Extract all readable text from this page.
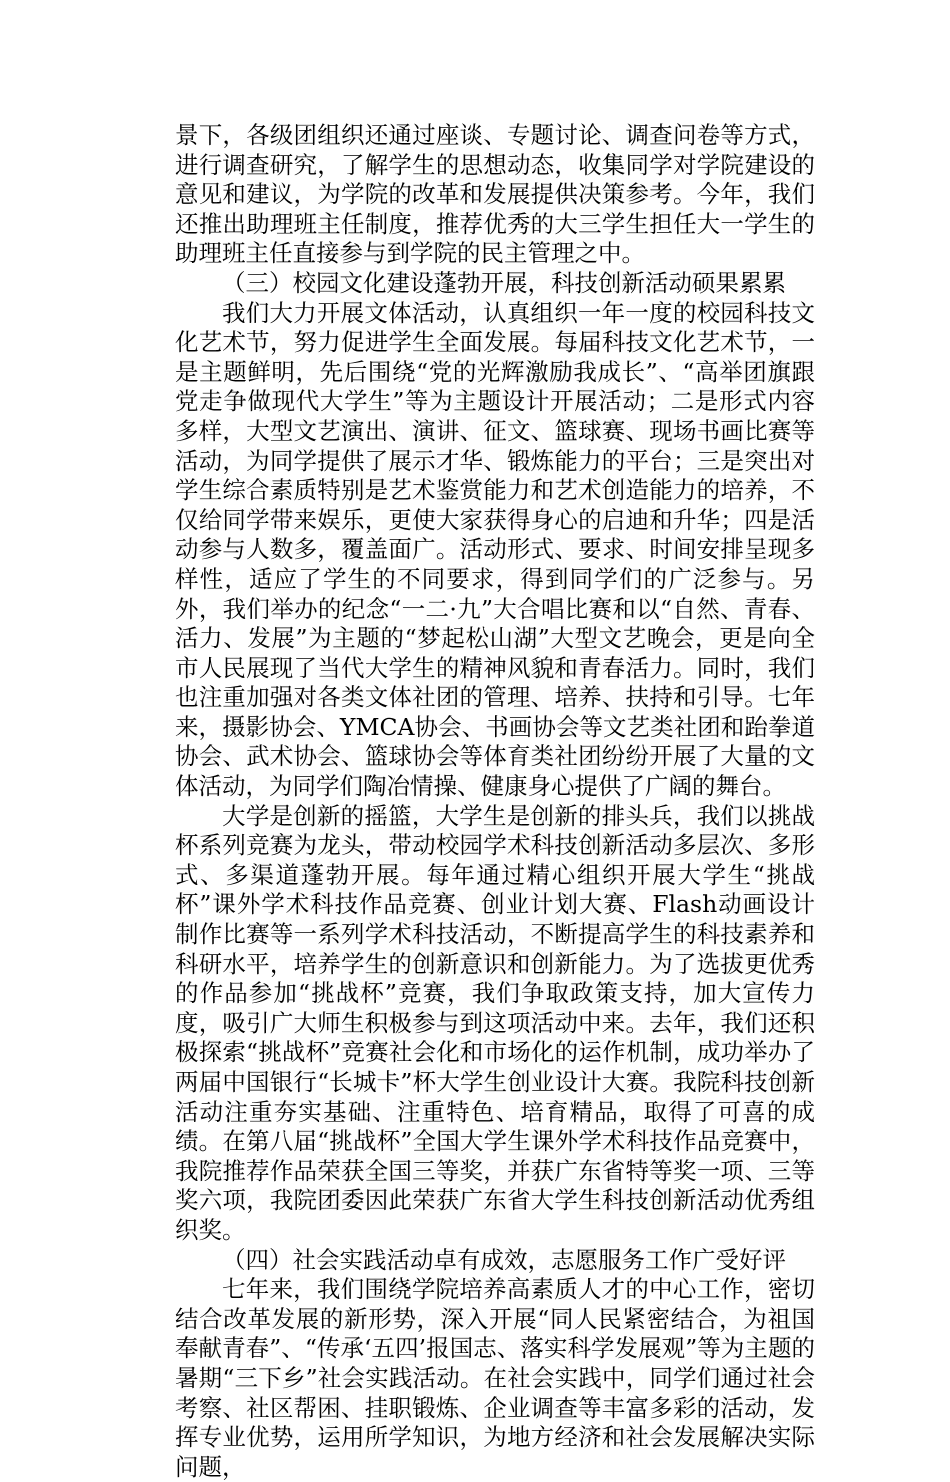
景下，各级团组织还通过座谈、专题讨论、调查问卷等方式，进行调查研究，了解学生的思想动态，收集同学对学院建设的意见和建议，为学院的改革和发展提供决策参考。今年，我们还推出助理班主任制度，推荐优秀的大三学生担任大一学生的助理班主任直接参与到学院的民主管理之中。

（三）校园文化建设蓬勃开展，科技创新活动硕果累累

我们大力开展文体活动，认真组织一年一度的校园科技文化艺术节，努力促进学生全面发展。每届科技文化艺术节，一是主题鲜明，先后围绕“党的光辉激励我成长”、“高举团旗跟党走争做现代大学生”等为主题设计开展活动；二是形式内容多样，大型文艺演出、演讲、征文、篮球赛、现场书画比赛等活动，为同学提供了展示才华、锻炼能力的平台；三是突出对学生综合素质特别是艺术鉴赏能力和艺术创造能力的培养，不仅给同学带来娱乐，更使大家获得身心的启迪和升华；四是活动参与人数多，覆盖面广。活动形式、要求、时间安排呈现多样性，适应了学生的不同要求，得到同学们的广泛参与。另外，我们举办的纪念“一二·九”大合唱比赛和以“自然、青春、活力、发展”为主题的“梦起松山湖”大型文艺晚会，更是向全市人民展现了当代大学生的精神风貌和青春活力。同时，我们也注重加强对各类文体社团的管理、培养、扶持和引导。七年来，摄影协会、YMCA协会、书画协会等文艺类社团和跆拳道协会、武术协会、篮球协会等体育类社团纷纷开展了大量的文体活动，为同学们陶冶情操、健康身心提供了广阔的舞台。

大学是创新的摇篮，大学生是创新的排头兵，我们以挑战杯系列竞赛为龙头，带动校园学术科技创新活动多层次、多形式、多渠道蓬勃开展。每年通过精心组织开展大学生“挑战杯”课外学术科技作品竞赛、创业计划大赛、Flash动画设计制作比赛等一系列学术科技活动，不断提高学生的科技素养和科研水平，培养学生的创新意识和创新能力。为了选拔更优秀的作品参加“挑战杯”竞赛，我们争取政策支持，加大宣传力度，吸引广大师生积极参与到这项活动中来。去年，我们还积极探索“挑战杯”竞赛社会化和市场化的运作机制，成功举办了两届中国银行“长城卡”杯大学生创业设计大赛。我院科技创新活动注重夯实基础、注重特色、培育精品，取得了可喜的成绩。在第八届“挑战杯”全国大学生课外学术科技作品竞赛中，我院推荐作品荣获全国三等奖，并获广东省特等奖一项、三等奖六项，我院团委因此荣获广东省大学生科技创新活动优秀组织奖。

（四）社会实践活动卓有成效，志愿服务工作广受好评

七年来，我们围绕学院培养高素质人才的中心工作，密切结合改革发展的新形势，深入开展“同人民紧密结合，为祖国奉献青春”、“传承‘五四’报国志、落实科学发展观”等为主题的暑期“三下乡”社会实践活动。在社会实践中，同学们通过社会考察、社区帮困、挂职锻炼、企业调查等丰富多彩的活动，发挥专业优势，运用所学知识，为地方经济和社会发展解决实际问题，
